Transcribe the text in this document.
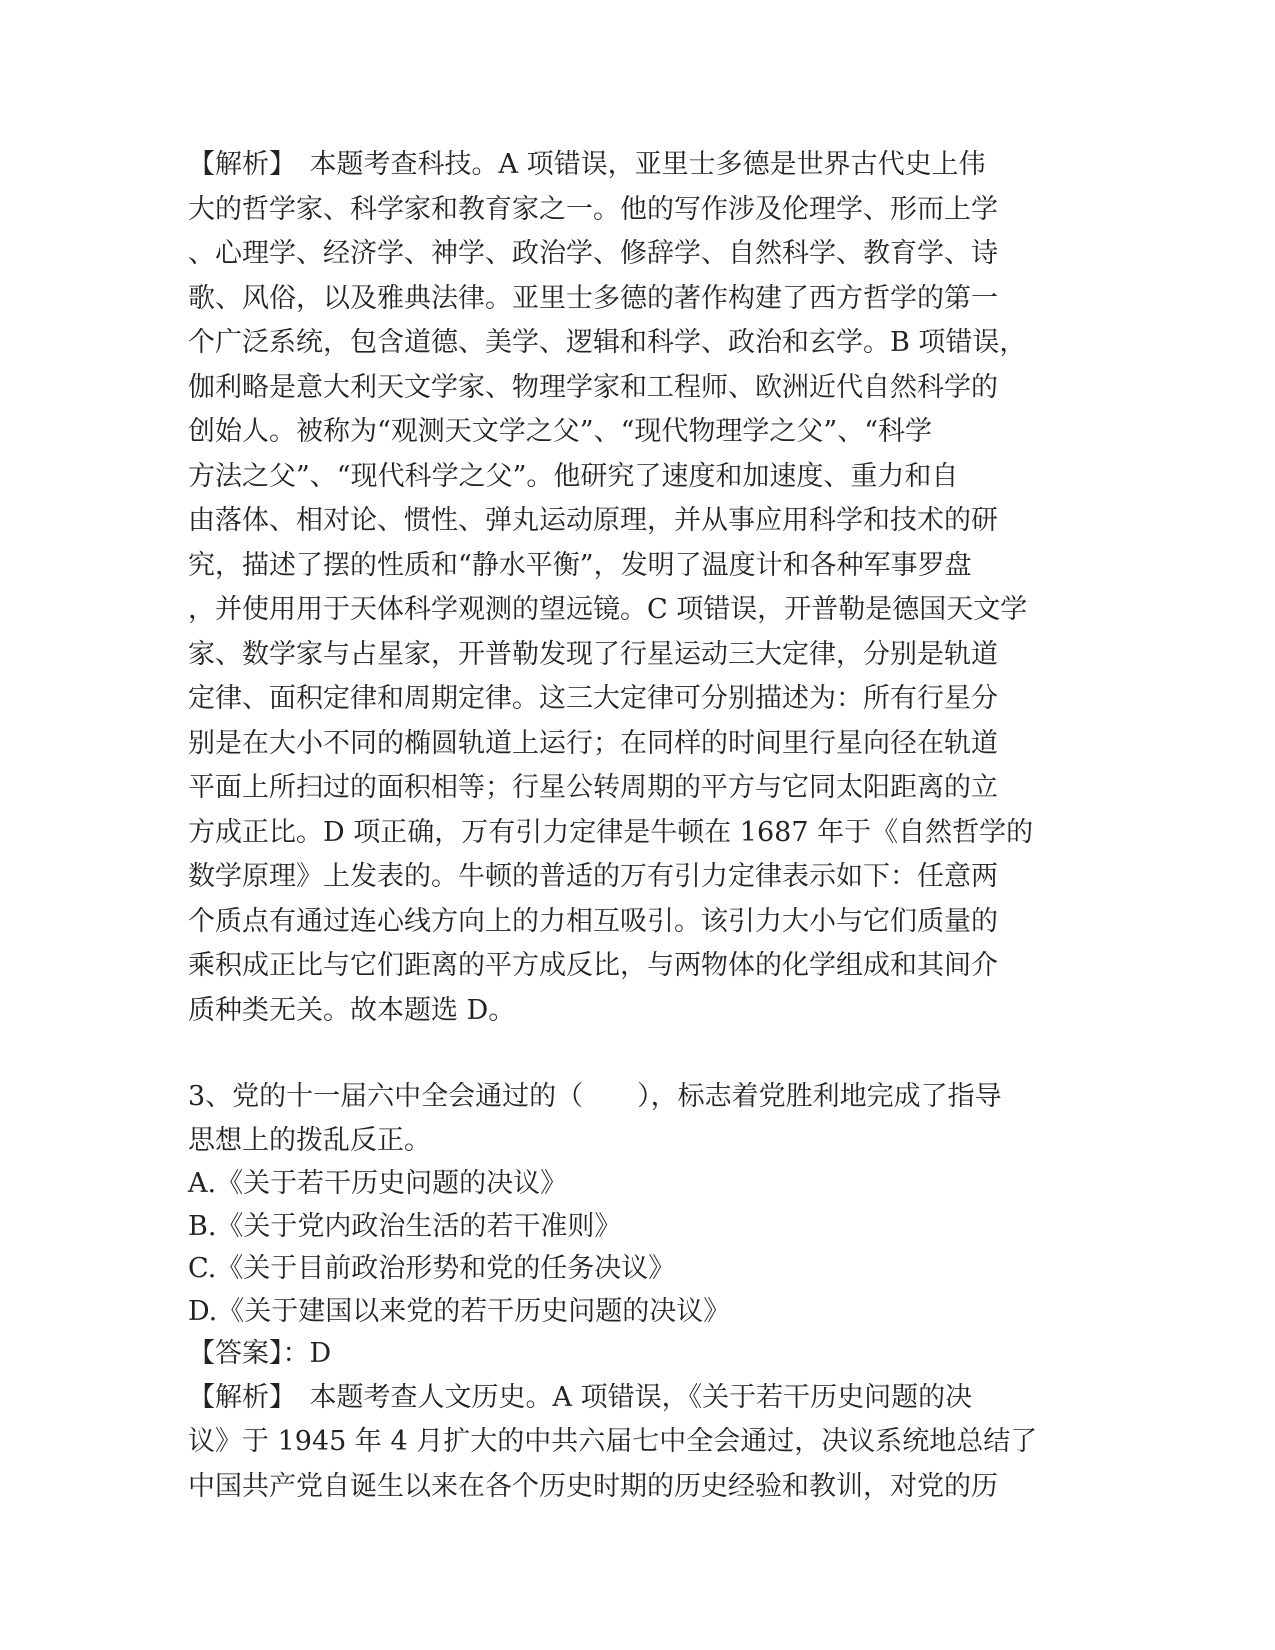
【解析】　本题考查科技。A 项错误，亚里士多德是世界古代史上伟
大的哲学家、科学家和教育家之一。他的写作涉及伦理学、形而上学
、心理学、经济学、神学、政治学、修辞学、自然科学、教育学、诗
歌、风俗，以及雅典法律。亚里士多德的著作构建了西方哲学的第一
个广泛系统，包含道德、美学、逻辑和科学、政治和玄学。B 项错误，
伽利略是意大利天文学家、物理学家和工程师、欧洲近代自然科学的
创始人。被称为“观测天文学之父”、“现代物理学之父”、“科学
方法之父”、“现代科学之父”。他研究了速度和加速度、重力和自
由落体、相对论、惯性、弹丸运动原理，并从事应用科学和技术的研
究，描述了摆的性质和“静水平衡”，发明了温度计和各种军事罗盘
，并使用用于天体科学观测的望远镜。C 项错误，开普勒是德国天文学
家、数学家与占星家，开普勒发现了行星运动三大定律，分别是轨道
定律、面积定律和周期定律。这三大定律可分别描述为：所有行星分
别是在大小不同的椭圆轨道上运行；在同样的时间里行星向径在轨道
平面上所扫过的面积相等；行星公转周期的平方与它同太阳距离的立
方成正比。D 项正确，万有引力定律是牛顿在 1687 年于《自然哲学的
数学原理》上发表的。牛顿的普适的万有引力定律表示如下：任意两
个质点有通过连心线方向上的力相互吸引。该引力大小与它们质量的
乘积成正比与它们距离的平方成反比，与两物体的化学组成和其间介
质种类无关。故本题选 D。
3、党的十一届六中全会通过的（　　），标志着党胜利地完成了指导
思想上的拨乱反正。
A.《关于若干历史问题的决议》
B.《关于党内政治生活的若干准则》
C.《关于目前政治形势和党的任务决议》
D.《关于建国以来党的若干历史问题的决议》
【答案】：D
【解析】　本题考查人文历史。A 项错误，《关于若干历史问题的决
议》于 1945 年 4 月扩大的中共六届七中全会通过，决议系统地总结了
中国共产党自诞生以来在各个历史时期的历史经验和教训，对党的历
